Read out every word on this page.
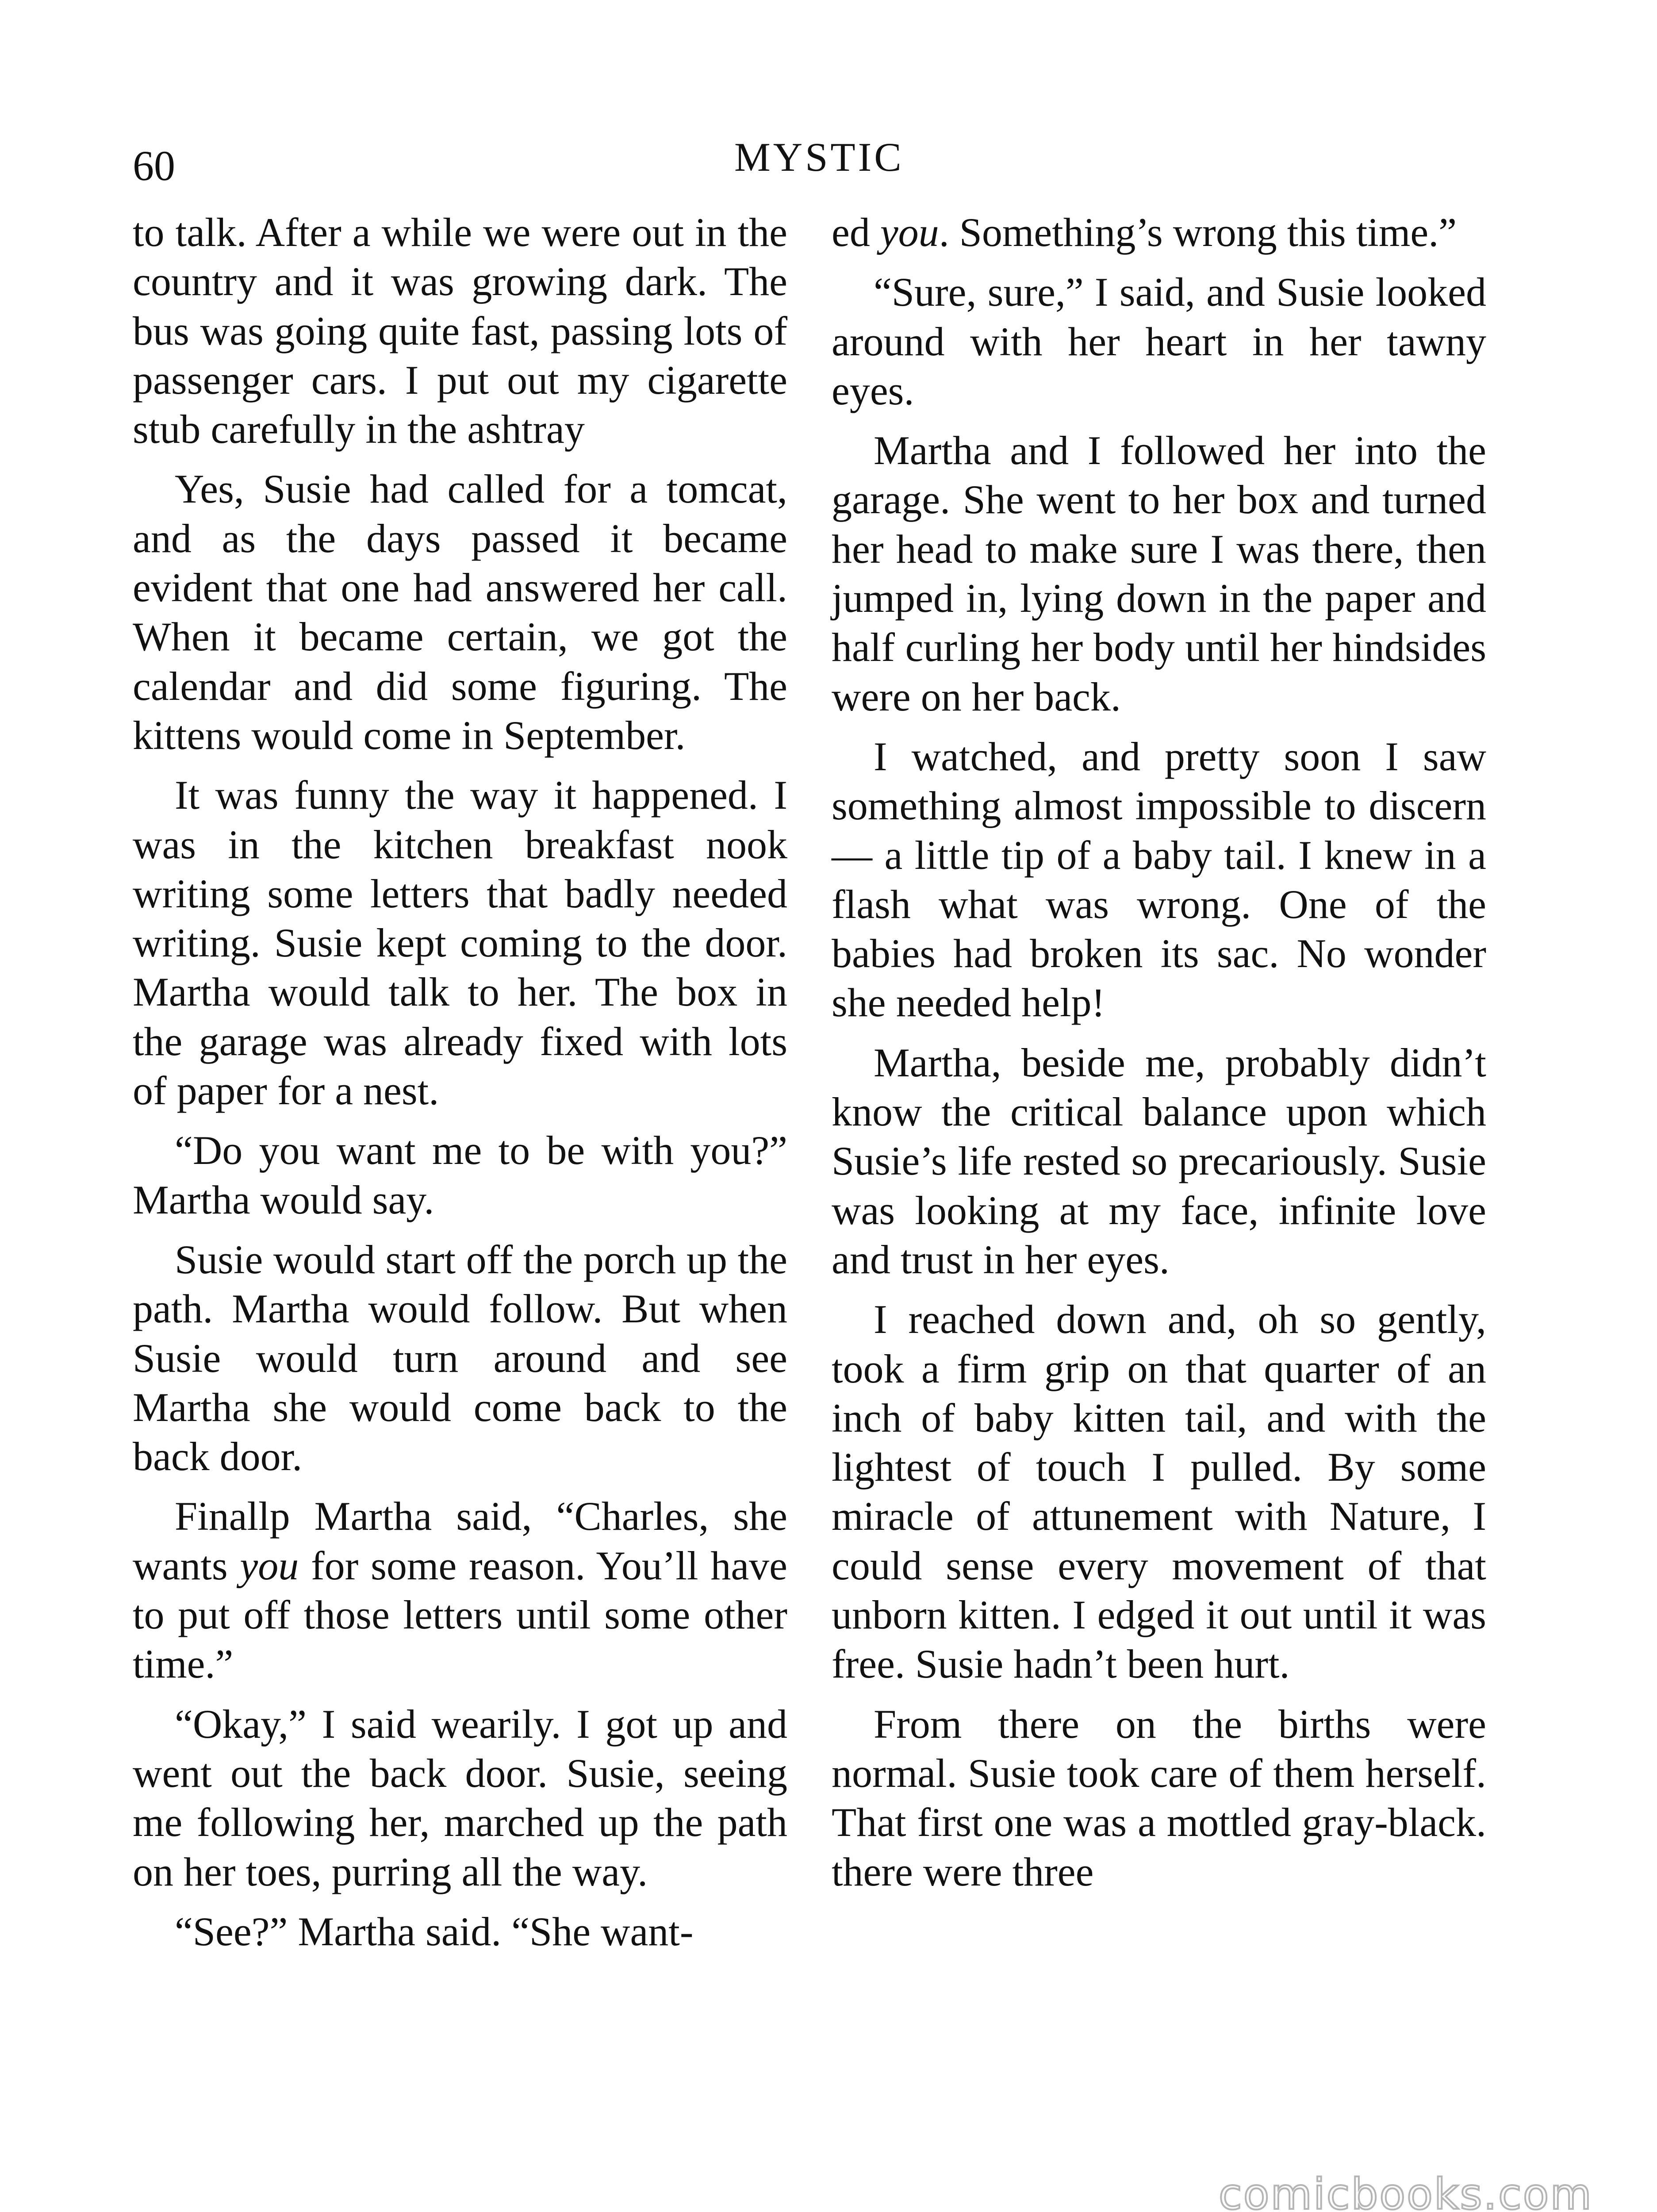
60	MYSTIC

to talk. After a while we were out in the country and it was growing dark. The bus was going quite fast, passing lots of passenger cars. I put out my cigarette stub carefully in the ashtray

Yes, Susie had called for a tomcat, and as the days passed it became evident that one had answered her call. When it became certain, we got the calendar and did some figuring. The kittens would come in September.

It was funny the way it happened. I was in the kitchen breakfast nook writing some letters that badly needed writing. Susie kept coming to the door. Martha would talk to her. The box in the garage was already fixed with lots of paper for a nest.

“Do you want me to be with you?” Martha would say.

Susie would start off the porch up the path. Martha would follow. But when Susie would turn around and see Martha she would come back to the back door.

Finallp Martha said, “Charles, she wants you for some reason. You’ll have to put off those letters until some other time.”

“Okay,” I said wearily. I got up and went out the back door. Susie, seeing me following her, marched up the path on her toes, purring all the way.

“See?” Martha said. “She want-

ed you. Something’s wrong this time.”

“Sure, sure,” I said, and Susie looked around with her heart in her tawny eyes.

Martha and I followed her into the garage. She went to her box and turned her head to make sure I was there, then jumped in, lying down in the paper and half curling her body until her hindsides were on her back.

I watched, and pretty soon I saw something almost impossible to discern — a little tip of a baby tail. I knew in a flash what was wrong. One of the babies had broken its sac. No wonder she needed help!

Martha, beside me, probably didn’t know the critical balance upon which Susie’s life rested so precariously. Susie was looking at my face, infinite love and trust in her eyes.

I reached down and, oh so gently, took a firm grip on that quarter of an inch of baby kitten tail, and with the lightest of touch I pulled. By some miracle of attunement with Nature, I could sense every movement of that unborn kitten. I edged it out until it was free. Susie hadn’t been hurt.

From there on the births were normal. Susie took care of them herself. That first one was a mottled gray-black. there were three

comicbooks.com
